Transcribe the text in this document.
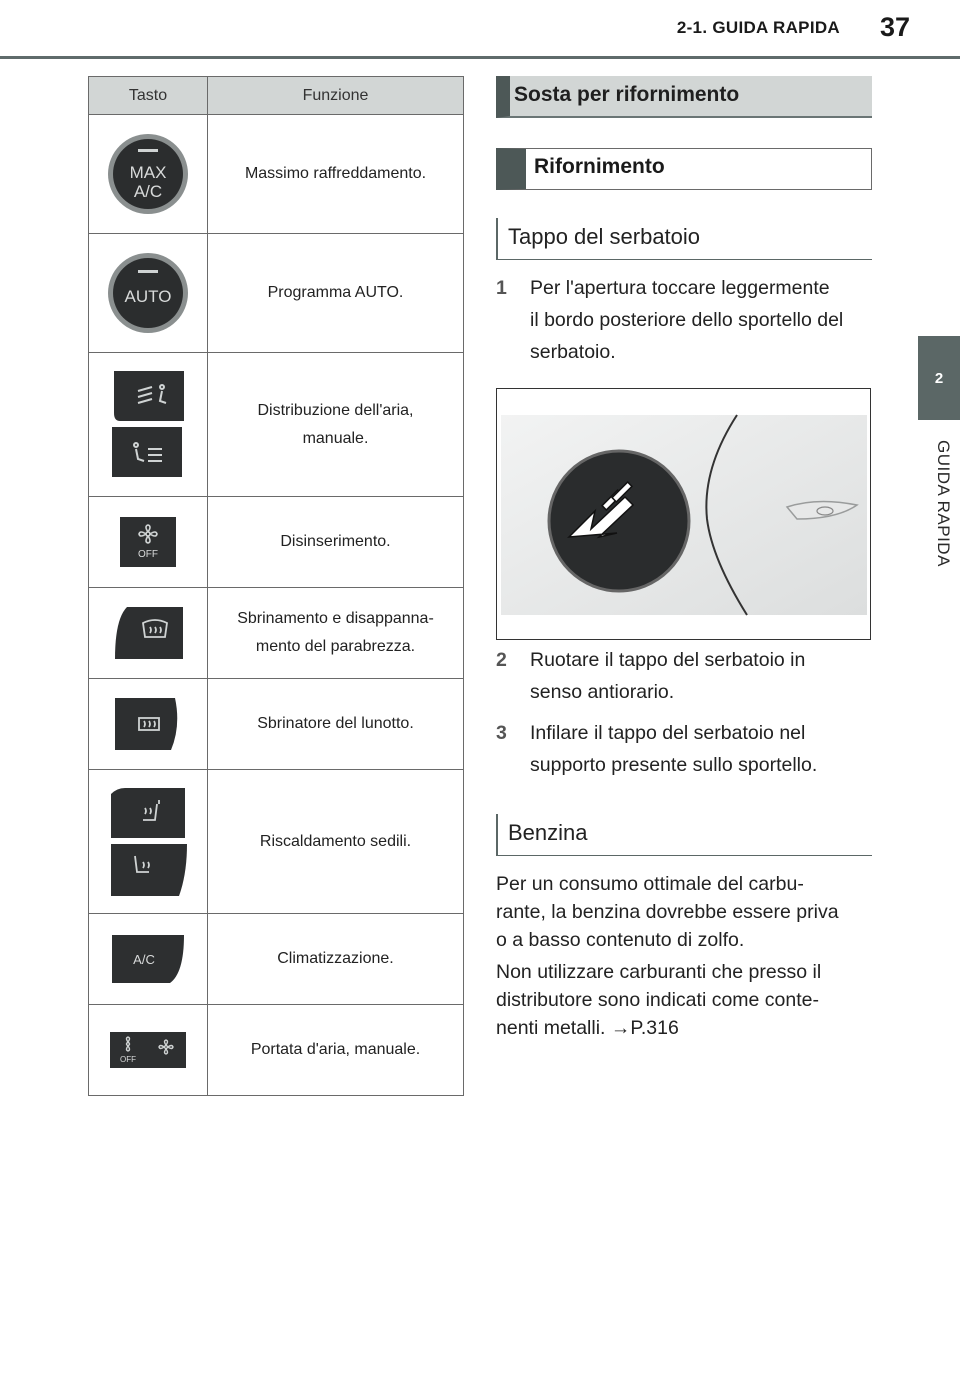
2-1. GUIDA RAPIDA	37
2
GUIDA RAPIDA
Tasto	Funzione

MAX
A/C	Massimo raffreddamento.

AUTO	Programma AUTO.

	Distribuzione dell'aria,
manuale.

OFF	Disinserimento.

	Sbrinamento e disappanna-
mento del parabrezza.

	Sbrinatore del lunotto.

	Riscaldamento sedili.

A/C	Climatizzazione.

OFF	Portata d'aria, manuale.
Sosta per rifornimento
Rifornimento
Tappo del serbatoio
1 Per l'apertura toccare leggermente
il bordo posteriore dello sportello del
serbatoio.
2 Ruotare il tappo del serbatoio in
senso antiorario.
3 Infilare il tappo del serbatoio nel
supporto presente sullo sportello.
Benzina
Per un consumo ottimale del carbu-
rante, la benzina dovrebbe essere priva
o a basso contenuto di zolfo.
Non utilizzare carburanti che presso il
distributore sono indicati come conte-
nenti metalli. →P.316
